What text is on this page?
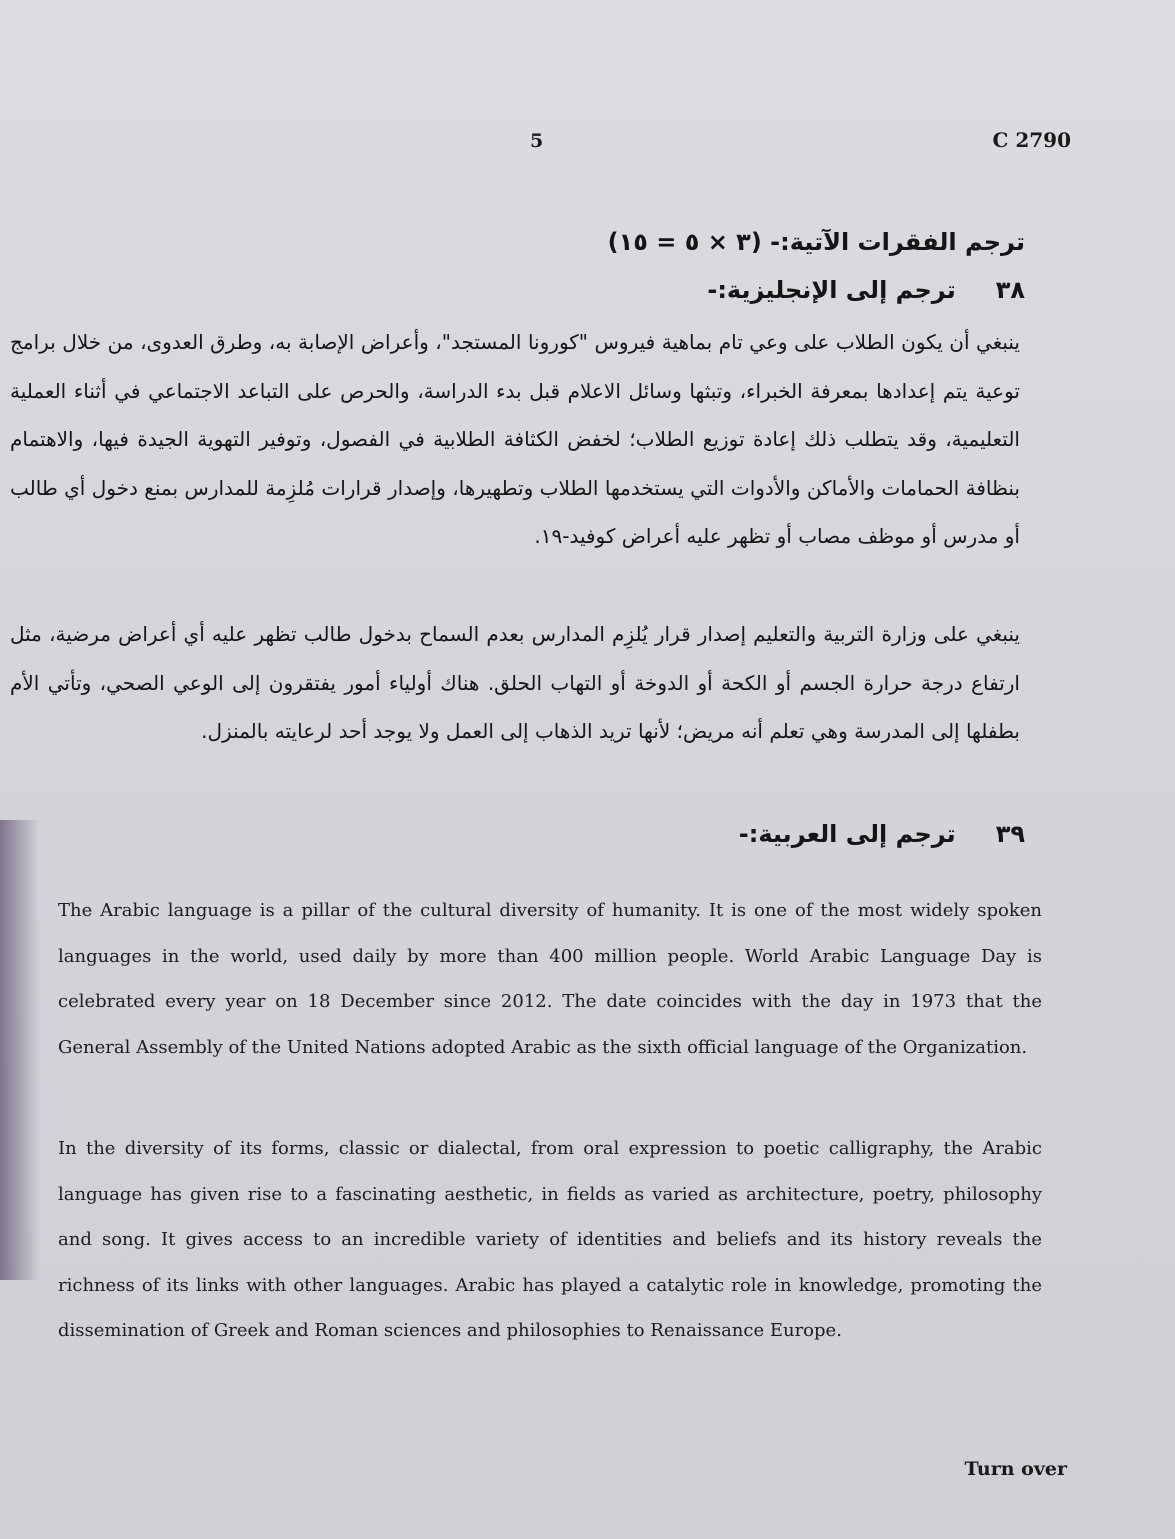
5	C 2790
ترجم الفقرات الآتية:- (٣ × ٥ = ١٥)
٣٨ترجم إلى الإنجليزية:-

ينبغي أن يكون الطلاب على وعي تام بماهية فيروس "كورونا المستجد"، وأعراض الإصابة به، وطرق العدوى، من خلال برامج توعية يتم إعدادها بمعرفة الخبراء، وتبثها وسائل الاعلام قبل بدء الدراسة، والحرص على التباعد الاجتماعي في أثناء العملية التعليمية، وقد يتطلب ذلك إعادة توزيع الطلاب؛ لخفض الكثافة الطلابية في الفصول، وتوفير التهوية الجيدة فيها، والاهتمام بنظافة الحمامات والأماكن والأدوات التي يستخدمها الطلاب وتطهيرها، وإصدار قرارات مُلزِمة للمدارس بمنع دخول أي طالب أو مدرس أو موظف مصاب أو تظهر عليه أعراض كوفيد-١٩.

ينبغي على وزارة التربية والتعليم إصدار قرار يُلزِم المدارس بعدم السماح بدخول طالب تظهر عليه أي أعراض مرضية، مثل ارتفاع درجة حرارة الجسم أو الكحة أو الدوخة أو التهاب الحلق. هناك أولياء أمور يفتقرون إلى الوعي الصحي، وتأتي الأم بطفلها إلى المدرسة وهي تعلم أنه مريض؛ لأنها تريد الذهاب إلى العمل ولا يوجد أحد لرعايته بالمنزل.

٣٩ترجم إلى العربية:-

The Arabic language is a pillar of the cultural diversity of humanity. It is one of the most widely spoken languages in the world, used daily by more than 400 million people. World Arabic Language Day is celebrated every year on 18 December since 2012. The date coincides with the day in 1973 that the General Assembly of the United Nations adopted Arabic as the sixth official language of the Organization.

In the diversity of its forms, classic or dialectal, from oral expression to poetic calligraphy, the Arabic language has given rise to a fascinating aesthetic, in fields as varied as architecture, poetry, philosophy and song. It gives access to an incredible variety of identities and beliefs and its history reveals the richness of its links with other languages. Arabic has played a catalytic role in knowledge, promoting the dissemination of Greek and Roman sciences and philosophies to Renaissance Europe.

Turn over
